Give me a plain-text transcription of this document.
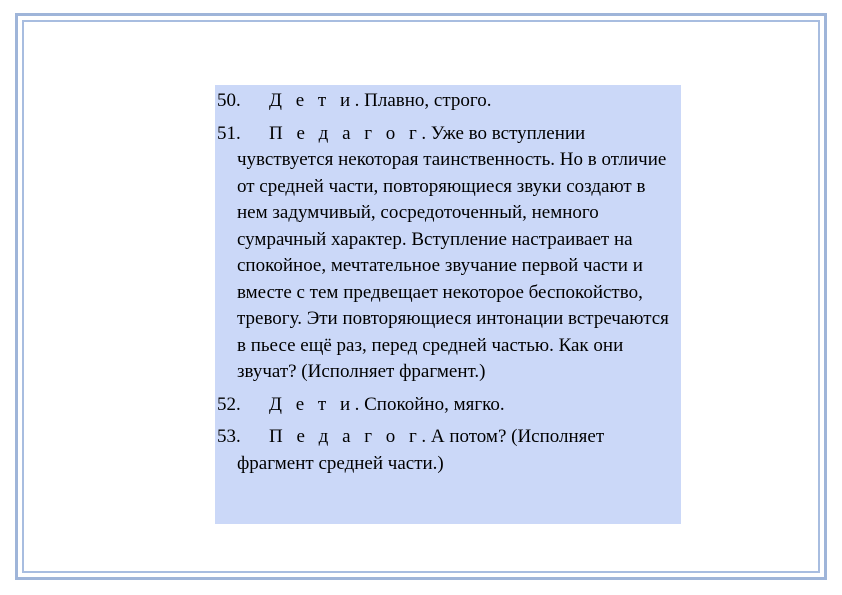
50. Д е т и. Плавно, строго.

51. П е д а г о г. Уже во вступлении чувствуется некоторая таинственность. Но в отличие от средней части, повторяющиеся звуки создают в нем задумчивый, сосредоточенный, немного сумрачный характер. Вступление настраивает на спокойное, мечтательное звучание первой части и вместе с тем предвещает некоторое беспокойство, тревогу. Эти повторяющиеся интонации встречаются в пьесе ещё раз, перед средней частью. Как они звучат? (Исполняет фрагмент.)

52. Д е т и. Спокойно, мягко.

53. П е д а г о г. А потом? (Исполняет фрагмент средней части.)
